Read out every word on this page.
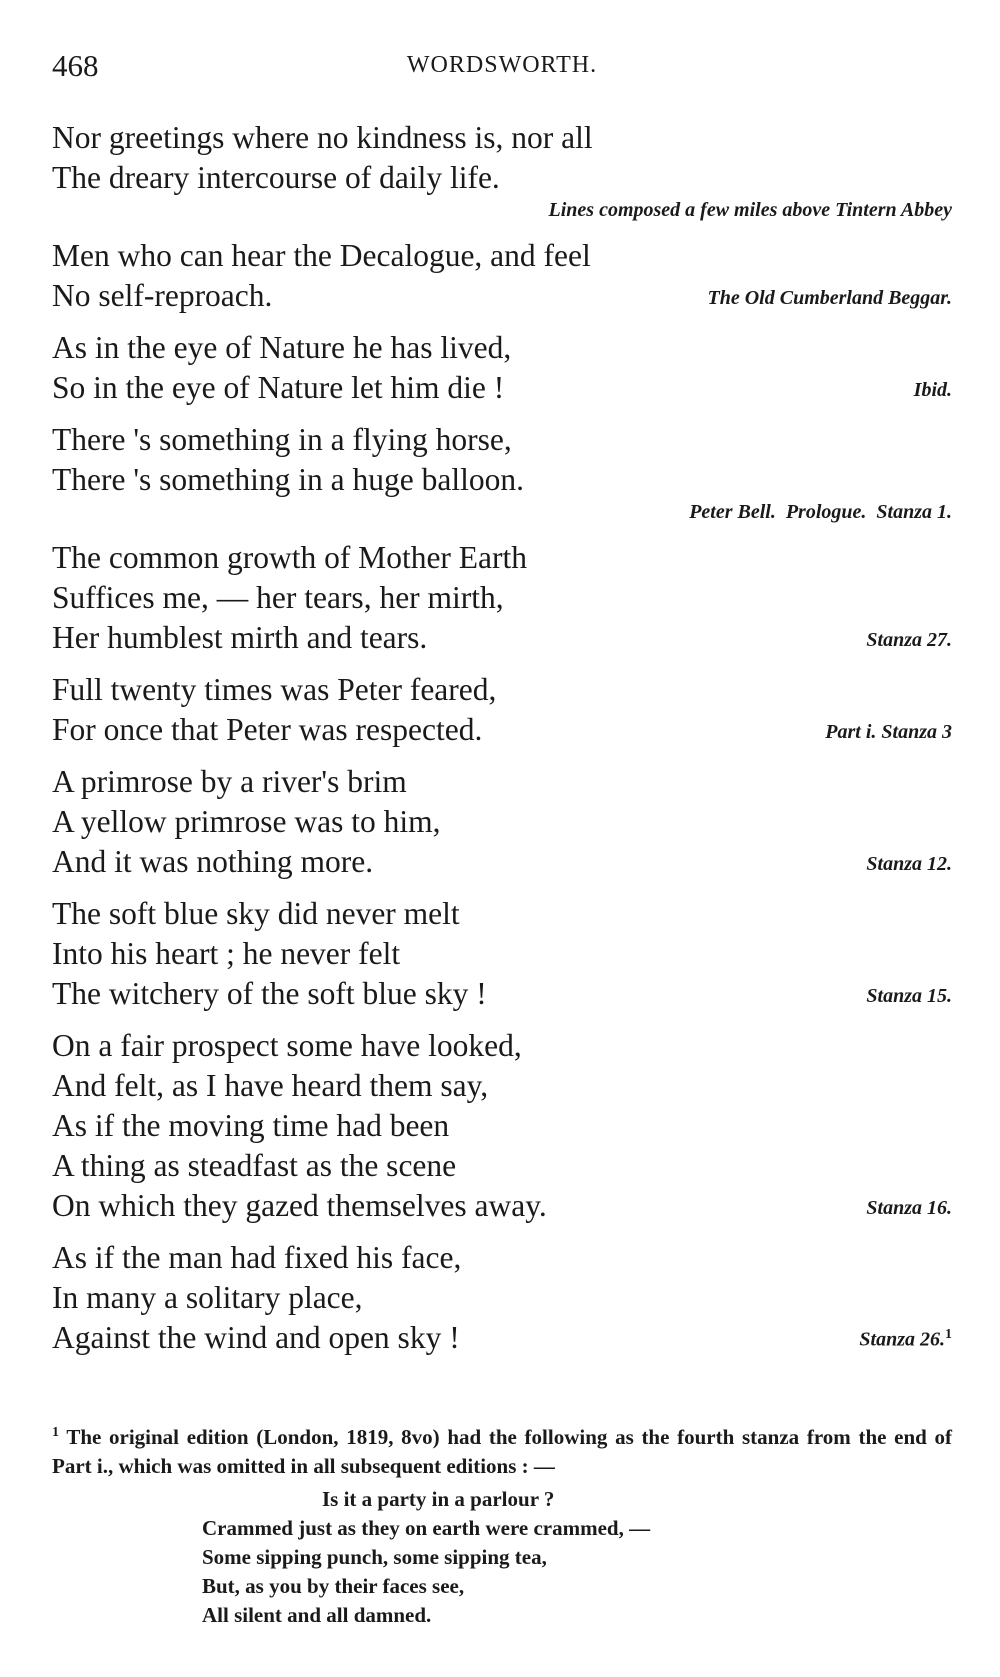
468	WORDSWORTH.
Nor greetings where no kindness is, nor all
The dreary intercourse of daily life.
Lines composed a few miles above Tintern Abbey
Men who can hear the Decalogue, and feel
No self-reproach.	The Old Cumberland Beggar.
As in the eye of Nature he has lived,
So in the eye of Nature let him die !	Ibid.
There 's something in a flying horse,
There 's something in a huge balloon.
Peter Bell.  Prologue.  Stanza 1.
The common growth of Mother Earth
Suffices me, — her tears, her mirth,
Her humblest mirth and tears.	Stanza 27.
Full twenty times was Peter feared,
For once that Peter was respected.	Part i. Stanza 3
A primrose by a river's brim
A yellow primrose was to him,
And it was nothing more.	Stanza 12.
The soft blue sky did never melt
Into his heart ; he never felt
The witchery of the soft blue sky !	Stanza 15.
On a fair prospect some have looked,
And felt, as I have heard them say,
As if the moving time had been
A thing as steadfast as the scene
On which they gazed themselves away.	Stanza 16.
As if the man had fixed his face,
In many a solitary place,
Against the wind and open sky !	Stanza 26.$^1$
$^1$ The original edition (London, 1819, 8vo) had the following as the fourth stanza from the end of Part i., which was omitted in all subsequent editions : —
Is it a party in a parlour ?
Crammed just as they on earth were crammed, —
Some sipping punch, some sipping tea,
But, as you by their faces see,
All silent and all damned.
